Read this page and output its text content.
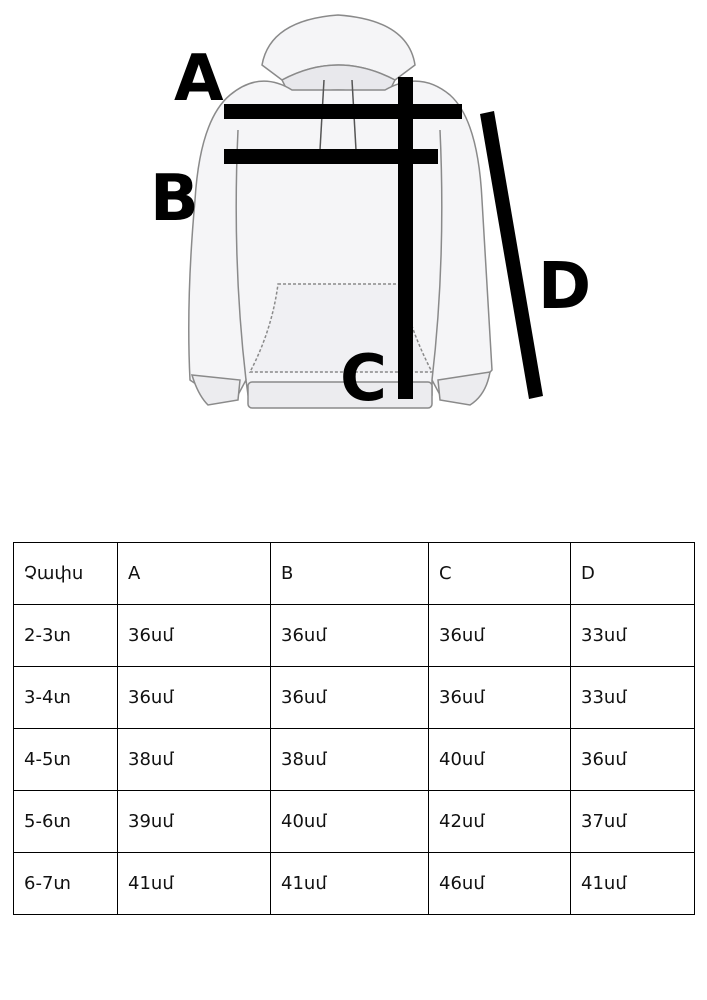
A
B
C
D
Չափս	A	B	C	D
2-3տ	36սմ	36սմ	36սմ	33սմ
3-4տ	36սմ	36սմ	36սմ	33սմ
4-5տ	38սմ	38սմ	40սմ	36սմ
5-6տ	39սմ	40սմ	42սմ	37սմ
6-7տ	41սմ	41սմ	46սմ	41սմ
